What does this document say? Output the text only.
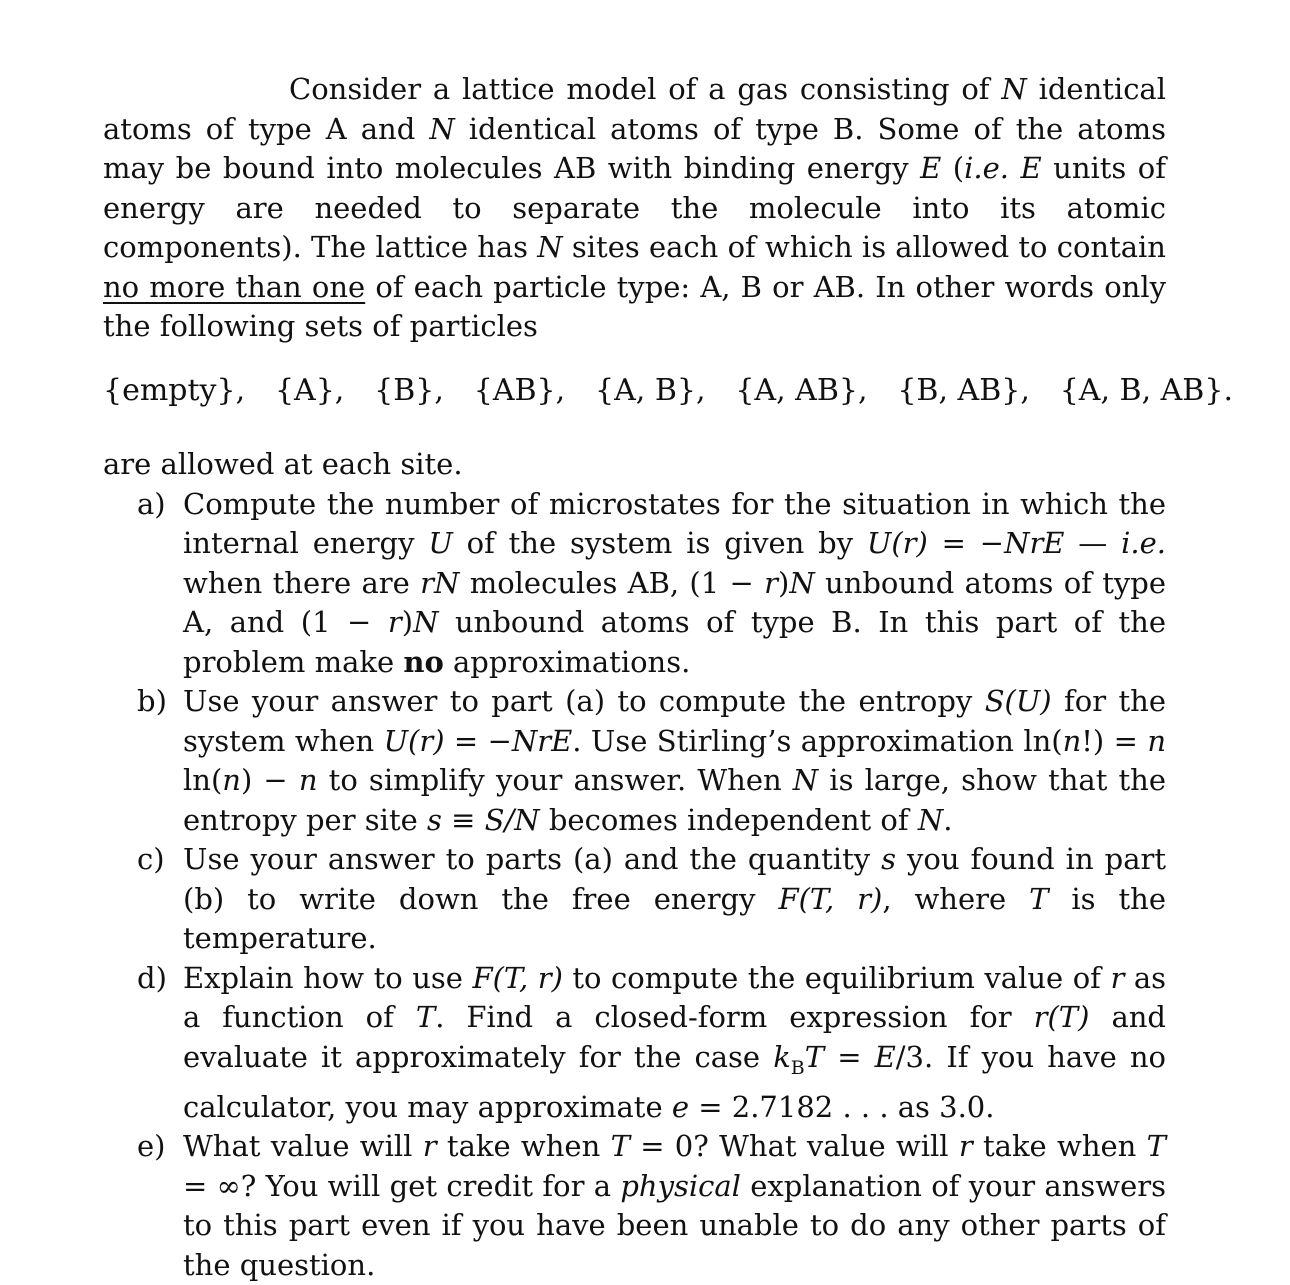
Consider a lattice model of a gas consisting of N identical atoms of type A and N identical atoms of type B. Some of the atoms may be bound into molecules AB with binding energy E (i.e. E units of energy are needed to separate the molecule into its atomic components). The lattice has N sites each of which is allowed to contain no more than one of each particle type: A, B or AB. In other words only the following sets of particles

{empty}, {A}, {B}, {AB}, {A, B}, {A, AB}, {B, AB}, {A, B, AB}.

are allowed at each site.

a) Compute the number of microstates for the situation in which the internal energy U of the system is given by U(r) = −NrE — i.e. when there are rN molecules AB, (1 − r)N unbound atoms of type A, and (1 − r)N unbound atoms of type B. In this part of the problem make no approximations.
b) Use your answer to part (a) to compute the entropy S(U) for the system when U(r) = −NrE. Use Stirling’s approximation ln(n!) = n ln(n) − n to simplify your answer. When N is large, show that the entropy per site s ≡ S/N becomes independent of N.
c) Use your answer to parts (a) and the quantity s you found in part (b) to write down the free energy F(T, r), where T is the temperature.
d) Explain how to use F(T, r) to compute the equilibrium value of r as a function of T. Find a closed-form expression for r(T) and evaluate it approximately for the case $k_BT = E/3$. If you have no calculator, you may approximate e = 2.7182 . . . as 3.0.
e) What value will r take when T = 0? What value will r take when T = ∞? You will get credit for a physical explanation of your answers to this part even if you have been unable to do any other parts of the question.
